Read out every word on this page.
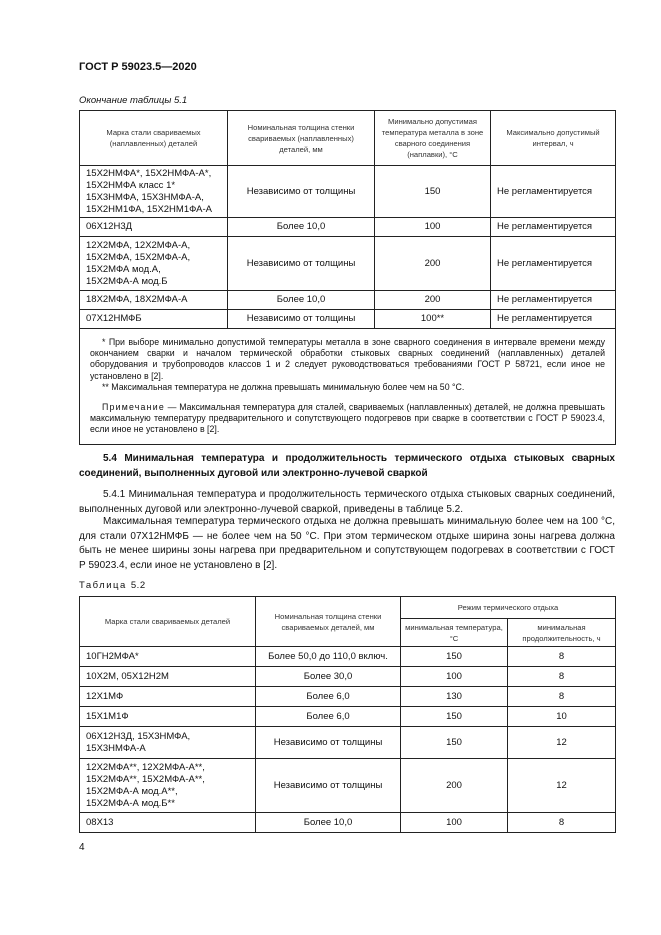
ГОСТ Р 59023.5—2020
Окончание таблицы 5.1
Марка стали свариваемых (наплавленных) деталей	Номинальная толщина стенки свариваемых (наплавленных) деталей, мм	Минимально допустимая температура металла в зоне сварного соединения (наплавки), °С	Максимально допустимый интервал, ч

15Х2НМФА*, 15Х2НМФА-А*,
15Х2НМФА класс 1*
15Х3НМФА, 15Х3НМФА-А,
15Х2НМ1ФА, 15Х2НМ1ФА-А	Независимо от толщины	150	Не регламентируется
06Х12Н3Д	Более 10,0	100	Не регламентируется

12Х2МФА, 12Х2МФА-А,
15Х2МФА, 15Х2МФА-А,
15Х2МФА мод.А,
15Х2МФА-А мод.Б	Независимо от толщины	200	Не регламентируется
18Х2МФА, 18Х2МФА-А	Более 10,0	200	Не регламентируется
07Х12НМФБ	Независимо от толщины	100**	Не регламентируется

* При выборе минимально допустимой температуры металла в зоне сварного соединения в интервале времени между окончанием сварки и началом термической обработки стыковых сварных соединений (наплавленных) деталей оборудования и трубопроводов классов 1 и 2 следует руководствоваться требованиями ГОСТ Р 58721, если иное не установлено в [2].
** Максимальная температура не должна превышать минимальную более чем на 50 °С.
Примечание — Максимальная температура для сталей, свариваемых (наплавленных) деталей, не должна превышать максимальную температуру предварительного и сопутствующего подогревов при сварке в соответствии с ГОСТ Р 59023.4, если иное не установлено в [2].			
5.4 Минимальная температура и продолжительность термического отдыха стыковых сварных соединений, выполненных дуговой или электронно-лучевой сваркой
5.4.1 Минимальная температура и продолжительность термического отдыха стыковых сварных соединений, выполненных дуговой или электронно-лучевой сваркой, приведены в таблице 5.2.
Максимальная температура термического отдыха не должна превышать минимальную более чем на 100 °С, для стали 07Х12НМФБ — не более чем на 50 °С. При этом термическом отдыхе ширина зоны нагрева должна быть не менее ширины зоны нагрева при предварительном и сопутствующем подогревах в соответствии с ГОСТ Р 59023.4, если иное не установлено в [2].
Таблица 5.2
Марка стали свариваемых деталей	Номинальная толщина стенки свариваемых деталей, мм	Режим термического отдыха	
		минимальная температура, °С	минимальная продолжительность, ч
10ГН2МФА*	Более 50,0 до 110,0 включ.	150	8
10Х2М, 05Х12Н2М	Более 30,0	100	8
12Х1МФ	Более 6,0	130	8
15Х1М1Ф	Более 6,0	150	10

06Х12Н3Д, 15Х3НМФА,
15Х3НМФА-А	Независимо от толщины	150	12

12Х2МФА**, 12Х2МФА-А**,
15Х2МФА**, 15Х2МФА-А**,
15Х2МФА-А мод.А**,
15Х2МФА-А мод.Б**	Независимо от толщины	200	12
08Х13	Более 10,0	100	8
4
